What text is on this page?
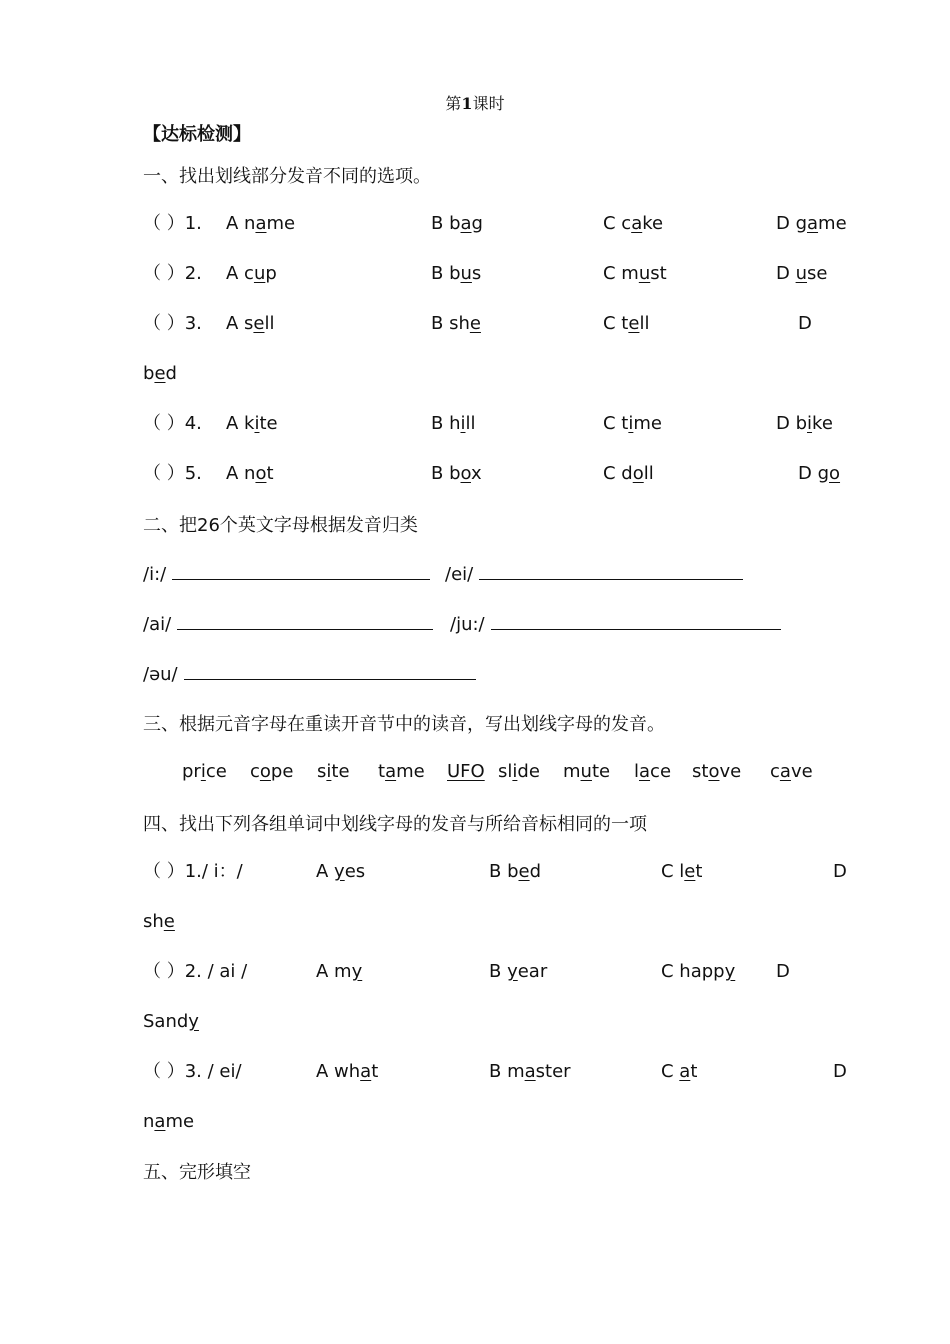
第1课时
【达标检测】
一、找出划线部分发音不同的选项。
（ ）1. A name	B bag	C cake	D game
（ ）2. A cup	B bus	C must	D use
（ ）3. A sell	B she	C tell	D
bed
（ ）4. A kite	B hill	C time	D bike
（ ）5. A not	B box	C doll	D go
二、把26个英文字母根据发音归类
/i:/	/ei/
/ai/	/ju:/
/əu/
三、根据元音字母在重读开音节中的读音，写出划线字母的发音。
price cope site tame UFO slide mute lace stove cave
四、找出下列各组单词中划线字母的发音与所给音标相同的一项
（ ）1./ i：/	A yes	B bed	C let	D
she
（ ）2. / ai /	A my	B year	C happy D
Sandy
（ ）3. / ei/	A what	B master	C at	D
name
五、完形填空
